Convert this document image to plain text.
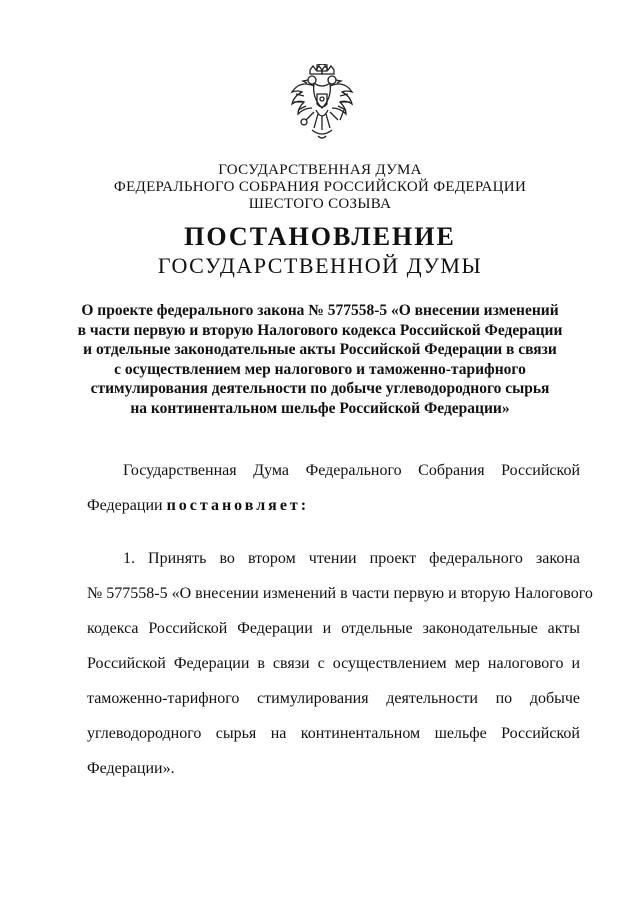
ГОСУДАРСТВЕННАЯ ДУМА
ФЕДЕРАЛЬНОГО СОБРАНИЯ РОССИЙСКОЙ ФЕДЕРАЦИИ
ШЕСТОГО СОЗЫВА
ПОСТАНОВЛЕНИЕ
ГОСУДАРСТВЕННОЙ ДУМЫ
О проекте федерального закона № 577558-5 «О внесении изменений
в части первую и вторую Налогового кодекса Российской Федерации
и отдельные законодательные акты Российской Федерации в связи
с осуществлением мер налогового и таможенно-тарифного
стимулирования деятельности по добыче углеводородного сырья
на континентальном шельфе Российской Федерации»
Государственная Дума Федерального Собрания Российской
Федерации постановляет:
1. Принять во втором чтении проект федерального закона
№ 577558-5 «О внесении изменений в части первую и вторую Налогового
кодекса Российской Федерации и отдельные законодательные акты
Российской Федерации в связи с осуществлением мер налогового и
таможенно-тарифного стимулирования деятельности по добыче
углеводородного сырья на континентальном шельфе Российской
Федерации».
